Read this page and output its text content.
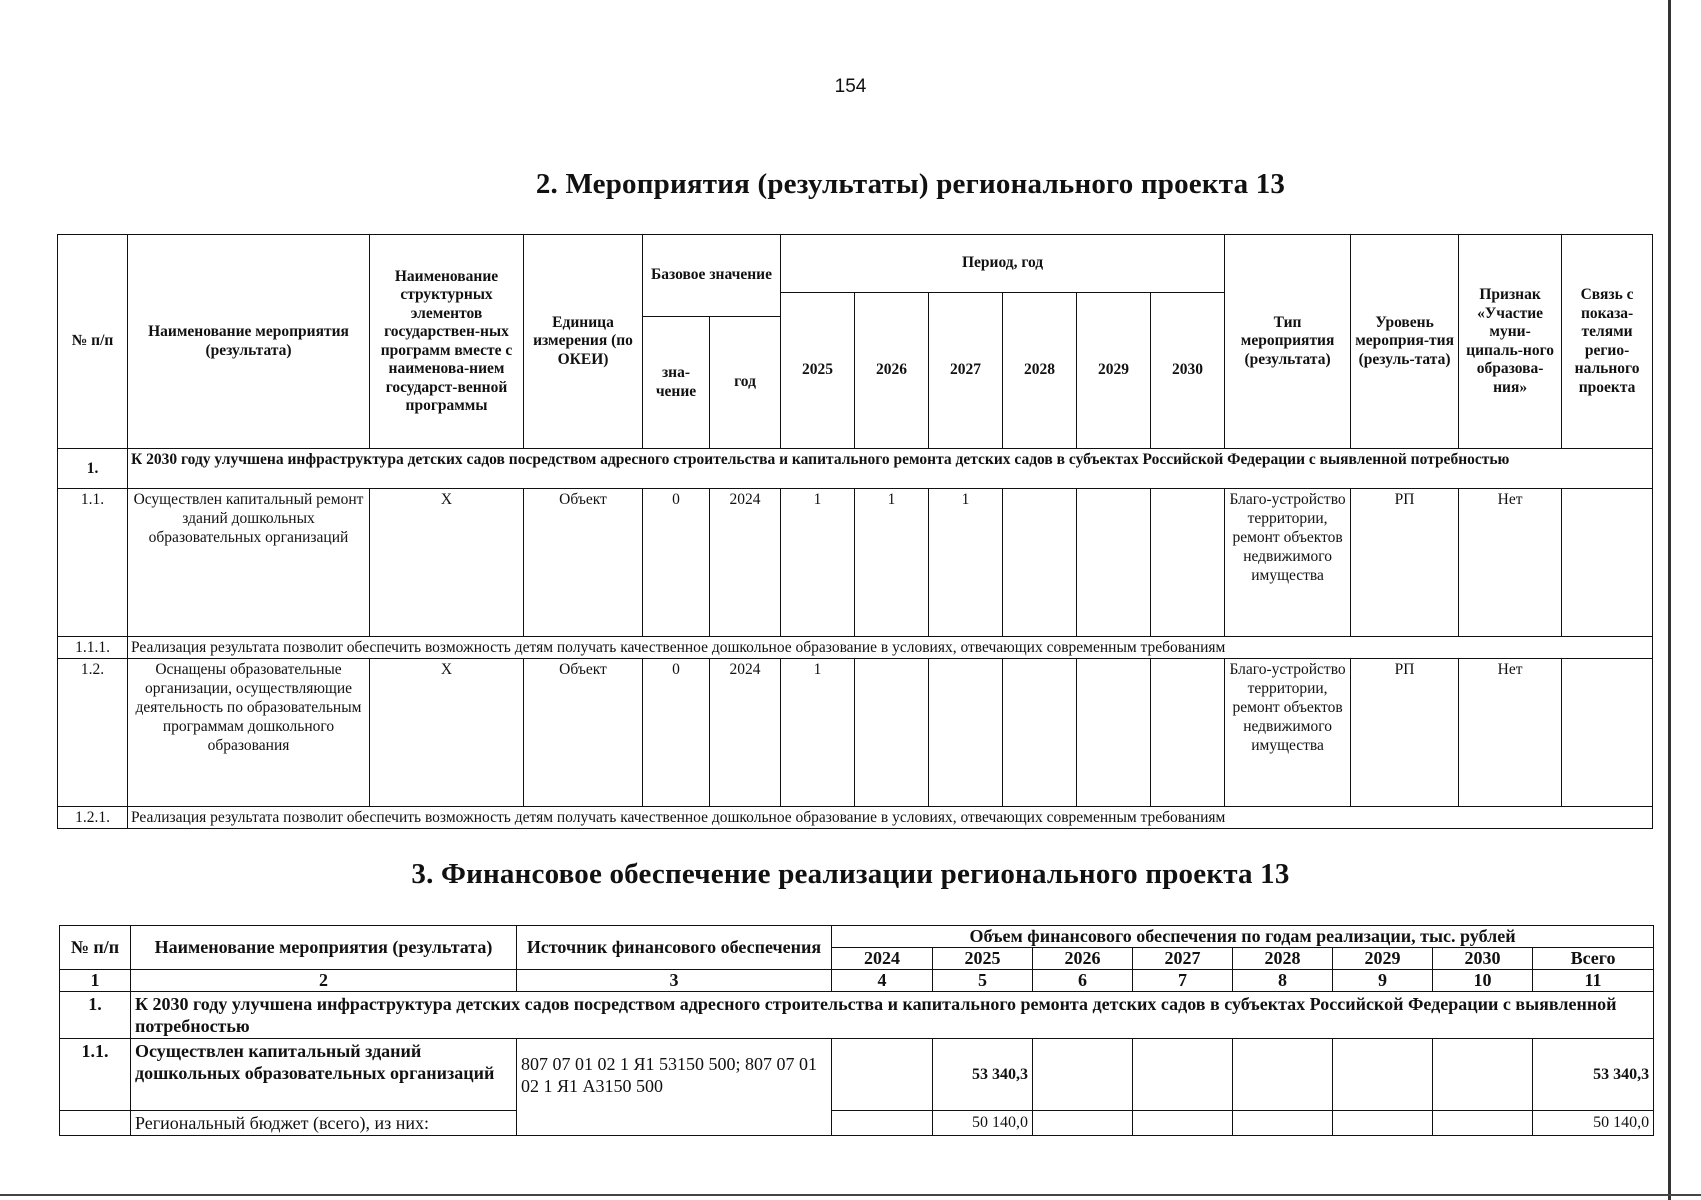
154
2. Мероприятия (результаты) регионального проекта 13
№ п/п	Наименование мероприятия (результата)	Наименование структурных элементов государствен-ных программ вместе с наименова-нием государст-венной программы	Единица измерения (по ОКЕИ)	Базовое значение		Период, год						Тип мероприятия (результата)	Уровень мероприя-тия (резуль-тата)	Признак «Участие муни-ципаль-ного образова-ния»	Связь с показа-телями регио-нального проекта
						2025	2026	2027	2028	2029	2030				
				зна-чение	год										
1.	К 2030 году улучшена инфраструктура детских садов посредством адресного строительства и капитального ремонта детских садов в субъектах Российской Федерации с выявленной потребностью														
1.1.	Осуществлен капитальный ремонт зданий дошкольных образовательных организаций	X	Объект	0	2024	1	1	1				Благо-устройство территории, ремонт объектов недвижимого имущества	РП	Нет	
1.1.1.	Реализация результата позволит обеспечить возможность детям получать качественное дошкольное образование в условиях, отвечающих современным требованиям														
1.2.	Оснащены образовательные организации, осуществляющие деятельность по образовательным программам дошкольного образования	X	Объект	0	2024	1						Благо-устройство территории, ремонт объектов недвижимого имущества	РП	Нет	
1.2.1.	Реализация результата позволит обеспечить возможность детям получать качественное дошкольное образование в условиях, отвечающих современным требованиям														
3. Финансовое обеспечение реализации регионального проекта 13
№ п/п	Наименование мероприятия (результата)	Источник финансового обеспечения	Объем финансового обеспечения по годам реализации, тыс. рублей							
			2024	2025	2026	2027	2028	2029	2030	Всего
1	2	3	4	5	6	7	8	9	10	11
1.	К 2030 году улучшена инфраструктура детских садов посредством адресного строительства и капитального ремонта детских садов в субъектах Российской Федерации с выявленной потребностью									
1.1.	Осуществлен капитальный зданий дошкольных образовательных организаций	807 07 01 02 1 Я1 53150 500; 807 07 01 02 1 Я1 А3150 500		53 340,3						53 340,3
	Региональный бюджет (всего), из них:			50 140,0						50 140,0
